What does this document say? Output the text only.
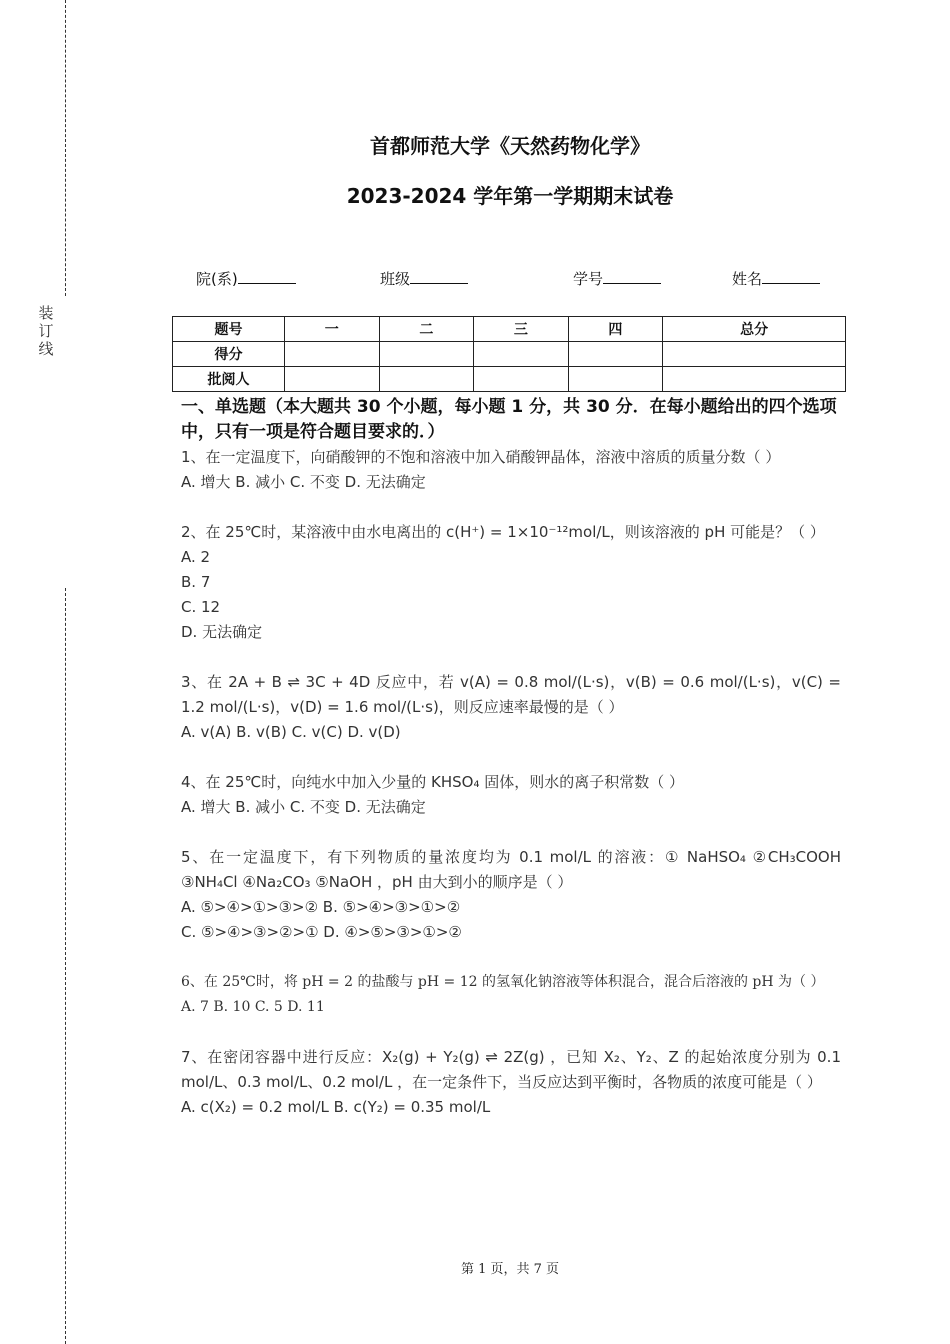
装
订
线
首都师范大学《天然药物化学》
2023-2024 学年第一学期期末试卷
院(系)	班级	学号	姓名
题号	一	二	三	四	总分
得分					
批阅人					
一、单选题（本大题共 30 个小题，每小题 1 分，共 30 分．在每小题给出的四个选项中，只有一项是符合题目要求的．）

1、在一定温度下，向硝酸钾的不饱和溶液中加入硝酸钾晶体，溶液中溶质的质量分数（ ）

A. 增大 B. 减小 C. 不变 D. 无法确定

2、在 25℃时，某溶液中由水电离出的 c(H⁺) = 1×10⁻¹²mol/L，则该溶液的 pH 可能是？（ ）

A. 2

B. 7

C. 12

D. 无法确定

3、在 2A + B ⇌ 3C + 4D 反应中，若 v(A) = 0.8 mol/(L·s)，v(B) = 0.6 mol/(L·s)，v(C) = 1.2 mol/(L·s)，v(D) = 1.6 mol/(L·s)，则反应速率最慢的是（ ）

A. v(A) B. v(B) C. v(C) D. v(D)

4、在 25℃时，向纯水中加入少量的 KHSO₄ 固体，则水的离子积常数（ ）

A. 增大 B. 减小 C. 不变 D. 无法确定

5、在一定温度下，有下列物质的量浓度均为 0.1 mol/L 的溶液：① NaHSO₄ ②CH₃COOH ③NH₄Cl ④Na₂CO₃ ⑤NaOH ，pH 由大到小的顺序是（ ）

A. ⑤>④>①>③>② B. ⑤>④>③>①>②

C. ⑤>④>③>②>① D. ④>⑤>③>①>②

6、在 25℃时，将 pH = 2 的盐酸与 pH = 12 的氢氧化钠溶液等体积混合，混合后溶液的 pH 为（ ）

A. 7 B. 10 C. 5 D. 11

7、在密闭容器中进行反应：X₂(g) + Y₂(g) ⇌ 2Z(g) ，已知 X₂、Y₂、Z 的起始浓度分别为 0.1 mol/L、0.3 mol/L、0.2 mol/L ，在一定条件下，当反应达到平衡时，各物质的浓度可能是（ ）

A. c(X₂) = 0.2 mol/L B. c(Y₂) = 0.35 mol/L

第 1 页，共 7 页
